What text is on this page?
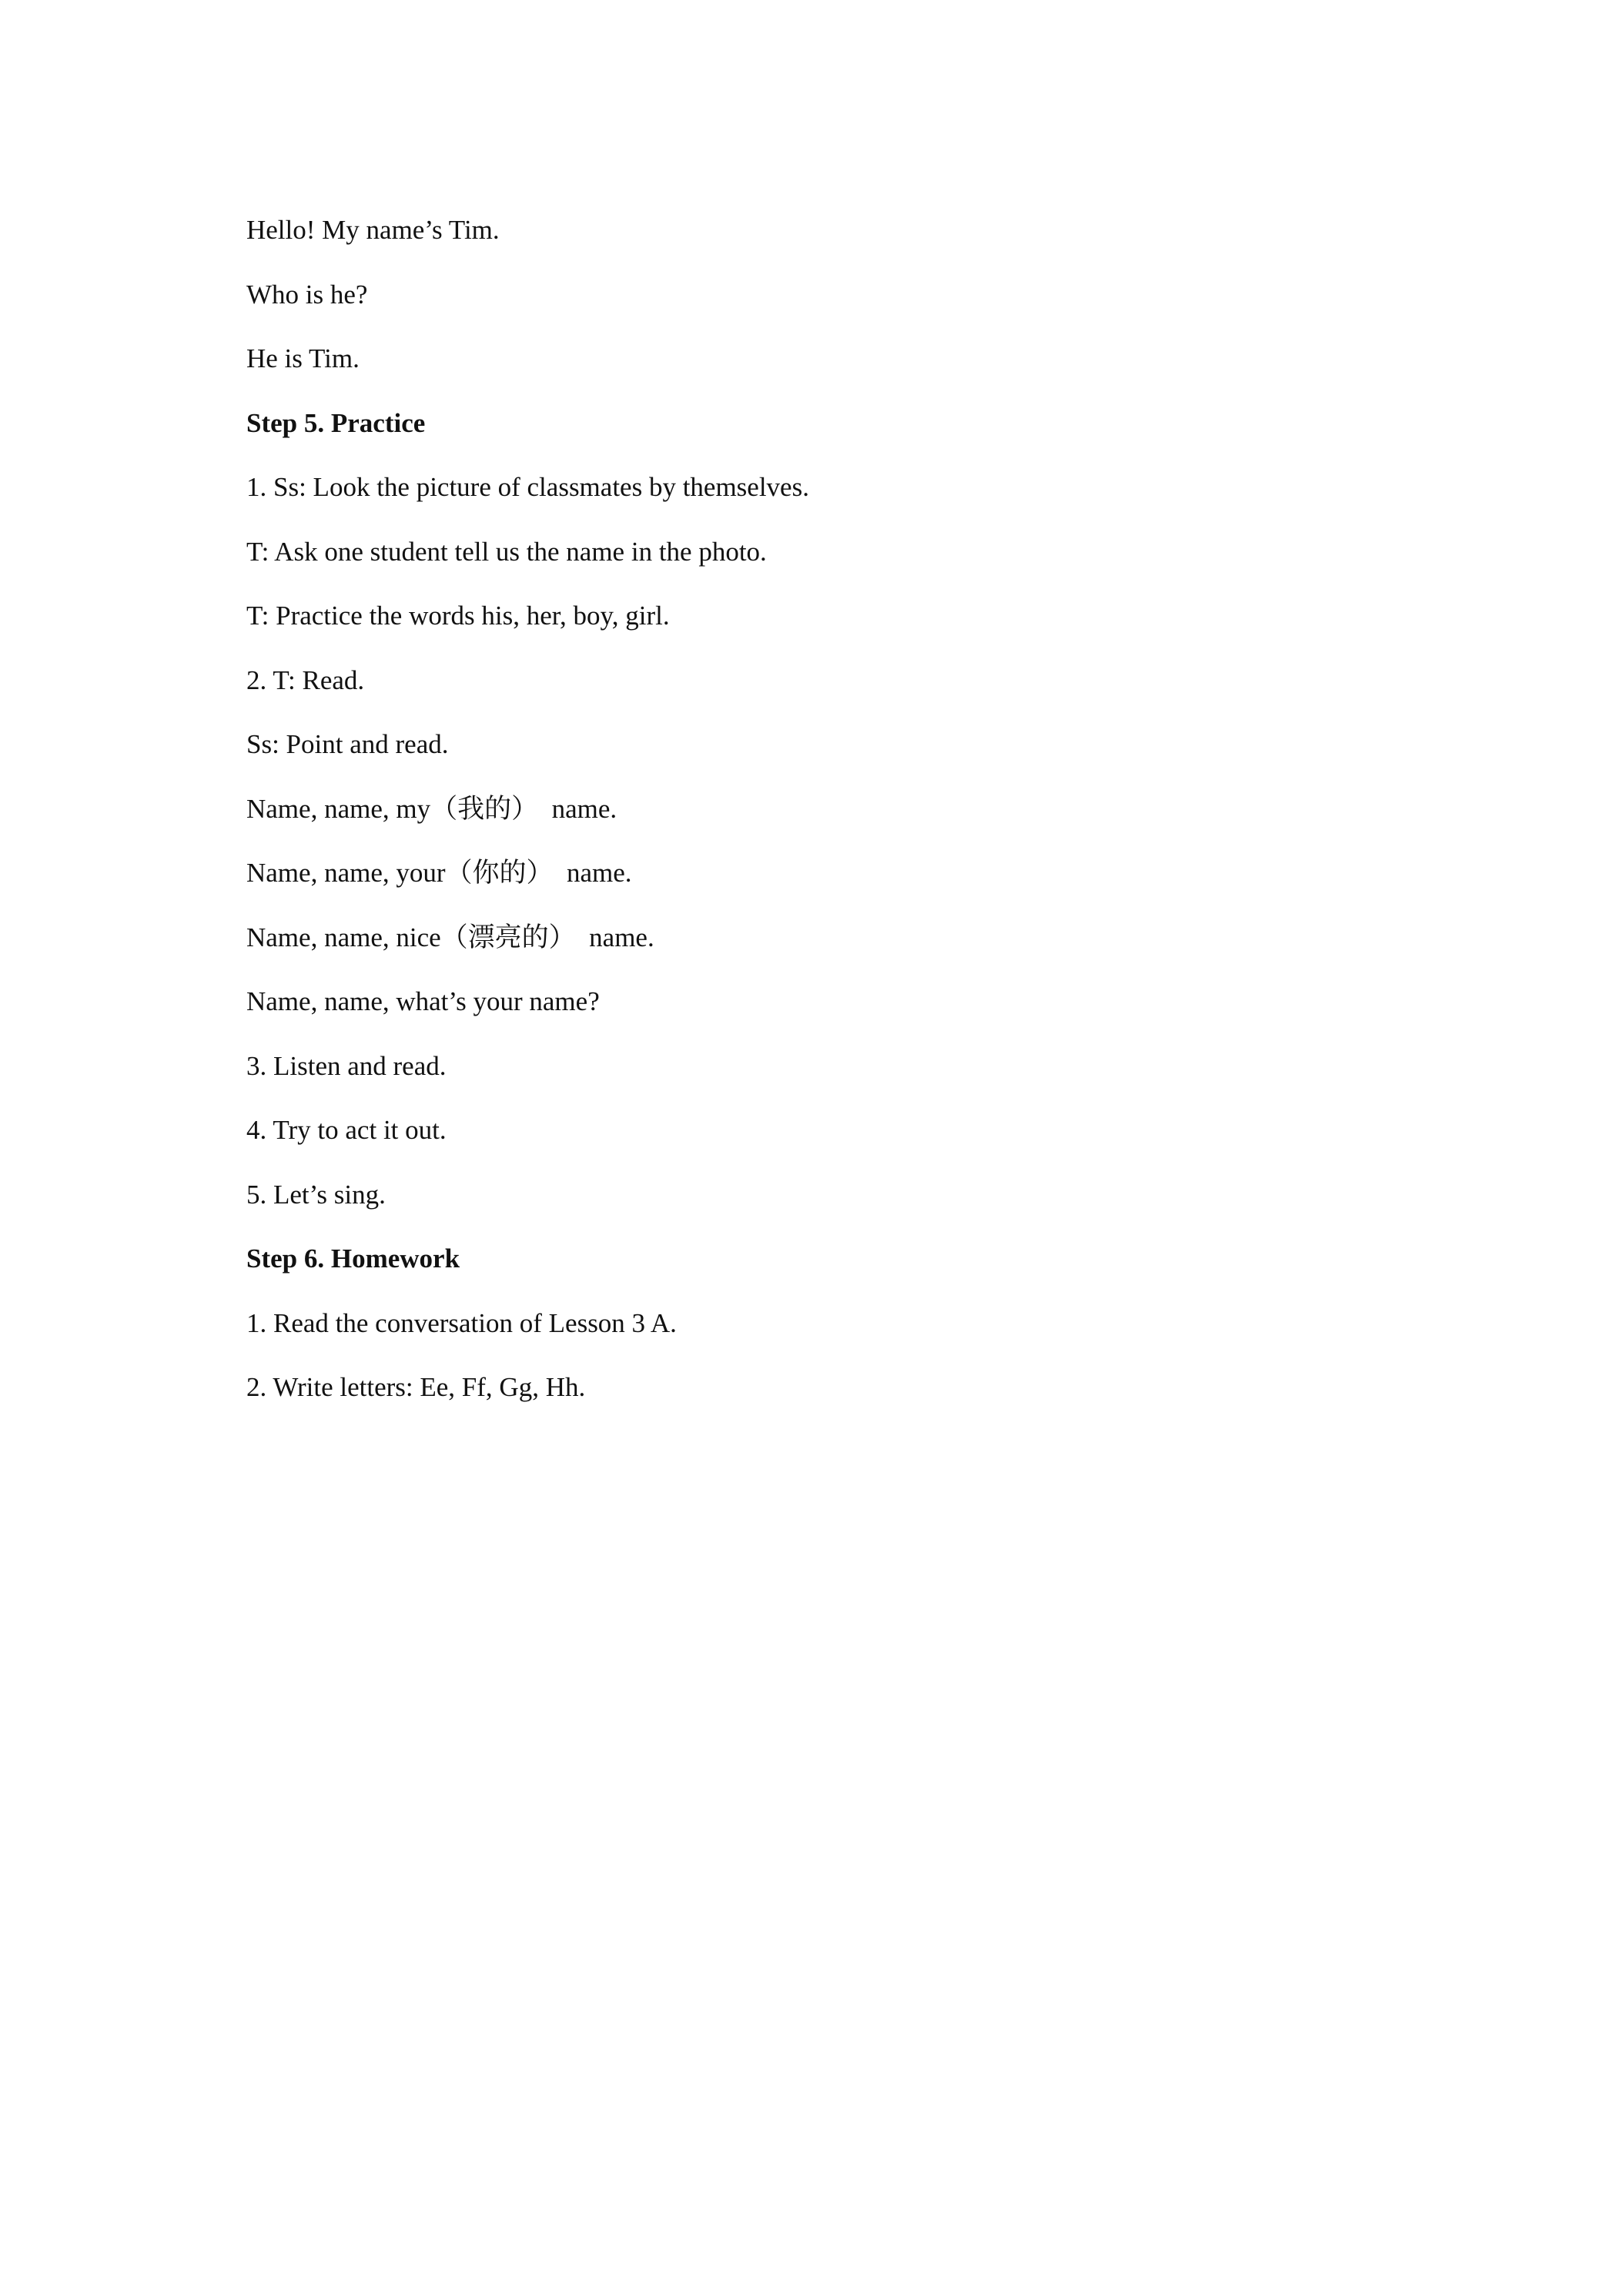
Hello! My name’s Tim.
Who is he?
He is Tim.
Step 5. Practice
1. Ss: Look the picture of classmates by themselves.
T: Ask one student tell us the name in the photo.
T: Practice the words his, her, boy, girl.
2. T: Read.
Ss: Point and read.
Name, name, my（我的）  name.
Name, name, your（你的）  name.
Name, name, nice（漂亮的）  name.
Name, name, what’s your name?
3. Listen and read.
4. Try to act it out.
5. Let’s sing.
Step 6. Homework
1. Read the conversation of Lesson 3 A.
2. Write letters: Ee, Ff, Gg, Hh.
